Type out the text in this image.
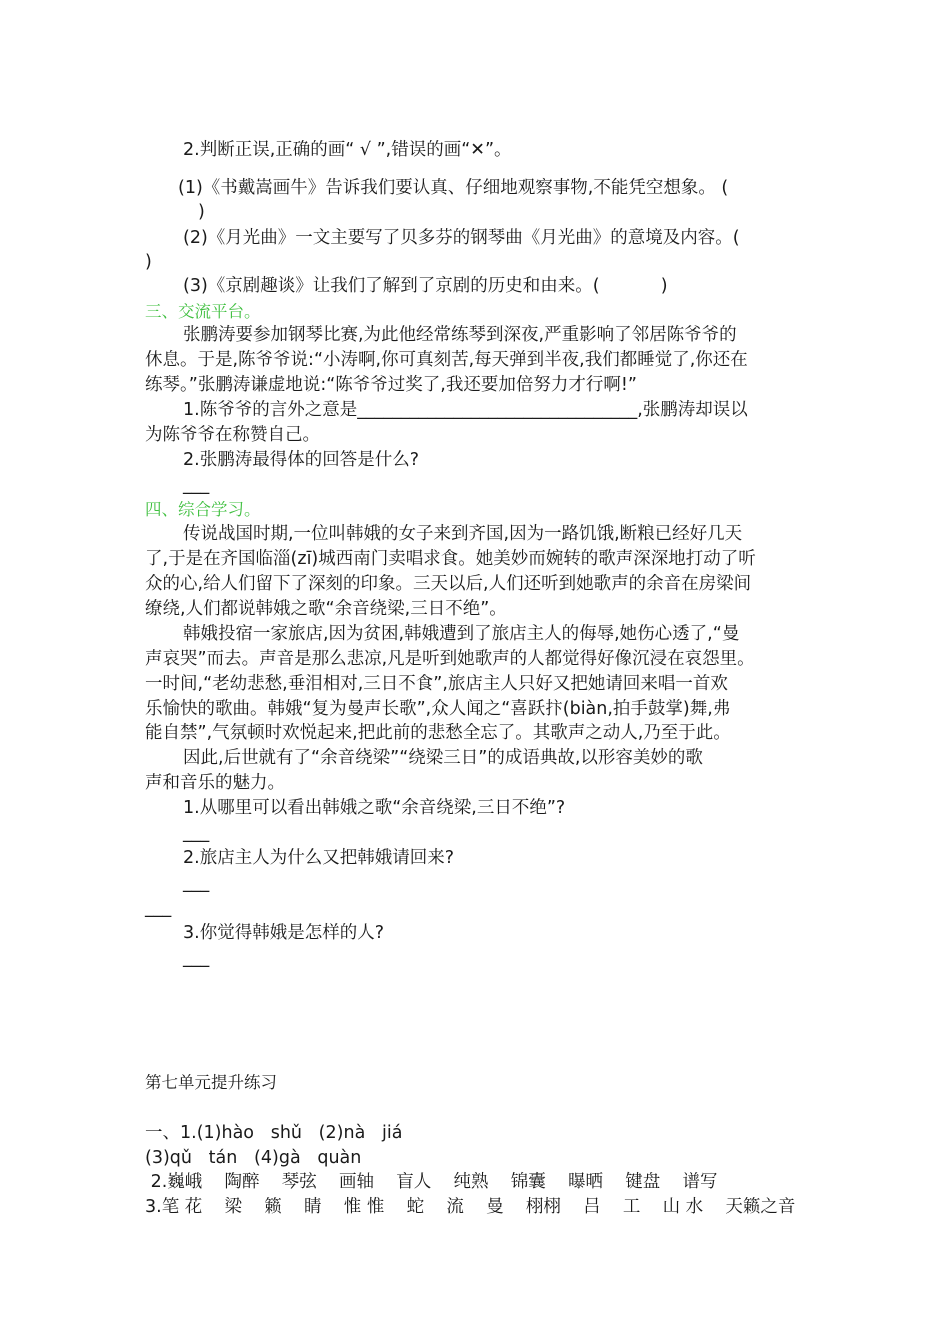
2.判断正误,正确的画“ √ ”,错误的画“✕”。
(1)《书戴嵩画牛》告诉我们要认真、仔细地观察事物,不能凭空想象。 (
)
(2)《月光曲》一文主要写了贝多芬的钢琴曲《月光曲》的意境及内容。(
)
(3)《京剧趣谈》让我们了解到了京剧的历史和由来。(           )
三、交流平台。
张鹏涛要参加钢琴比赛,为此他经常练琴到深夜,严重影响了邻居陈爷爷的
休息。于是,陈爷爷说:“小涛啊,你可真刻苦,每天弹到半夜,我们都睡觉了,你还在
练琴。”张鹏涛谦虚地说:“陈爷爷过奖了,我还要加倍努力才行啊!”
1.陈爷爷的言外之意是________________________________,张鹏涛却误以
为陈爷爷在称赞自己。
2.张鹏涛最得体的回答是什么?
___
四、综合学习。
传说战国时期,一位叫韩娥的女子来到齐国,因为一路饥饿,断粮已经好几天
了,于是在齐国临淄(zī)城西南门卖唱求食。她美妙而婉转的歌声深深地打动了听
众的心,给人们留下了深刻的印象。三天以后,人们还听到她歌声的余音在房梁间
缭绕,人们都说韩娥之歌“余音绕梁,三日不绝”。
韩娥投宿一家旅店,因为贫困,韩娥遭到了旅店主人的侮辱,她伤心透了,“曼
声哀哭”而去。声音是那么悲凉,凡是听到她歌声的人都觉得好像沉浸在哀怨里。
一时间,“老幼悲愁,垂泪相对,三日不食”,旅店主人只好又把她请回来唱一首欢
乐愉快的歌曲。韩娥“复为曼声长歌”,众人闻之“喜跃抃(biàn,拍手鼓掌)舞,弗
能自禁”,气氛顿时欢悦起来,把此前的悲愁全忘了。其歌声之动人,乃至于此。
因此,后世就有了“余音绕梁”“绕梁三日”的成语典故,以形容美妙的歌
声和音乐的魅力。
1.从哪里可以看出韩娥之歌“余音绕梁,三日不绝”?
___
2.旅店主人为什么又把韩娥请回来?
___
___
3.你觉得韩娥是怎样的人?
___
第七单元提升练习
一、1.(1)hào   shǔ   (2)nà   jiá
(3)qǔ   tán   (4)gà   quàn
2.巍峨    陶醉    琴弦    画轴    盲人    纯熟    锦囊    曝晒    键盘    谱写
3.笔 花    梁    籁    睛    惟 惟    蛇    流    曼    栩栩    吕    工    山 水    天籁之音
